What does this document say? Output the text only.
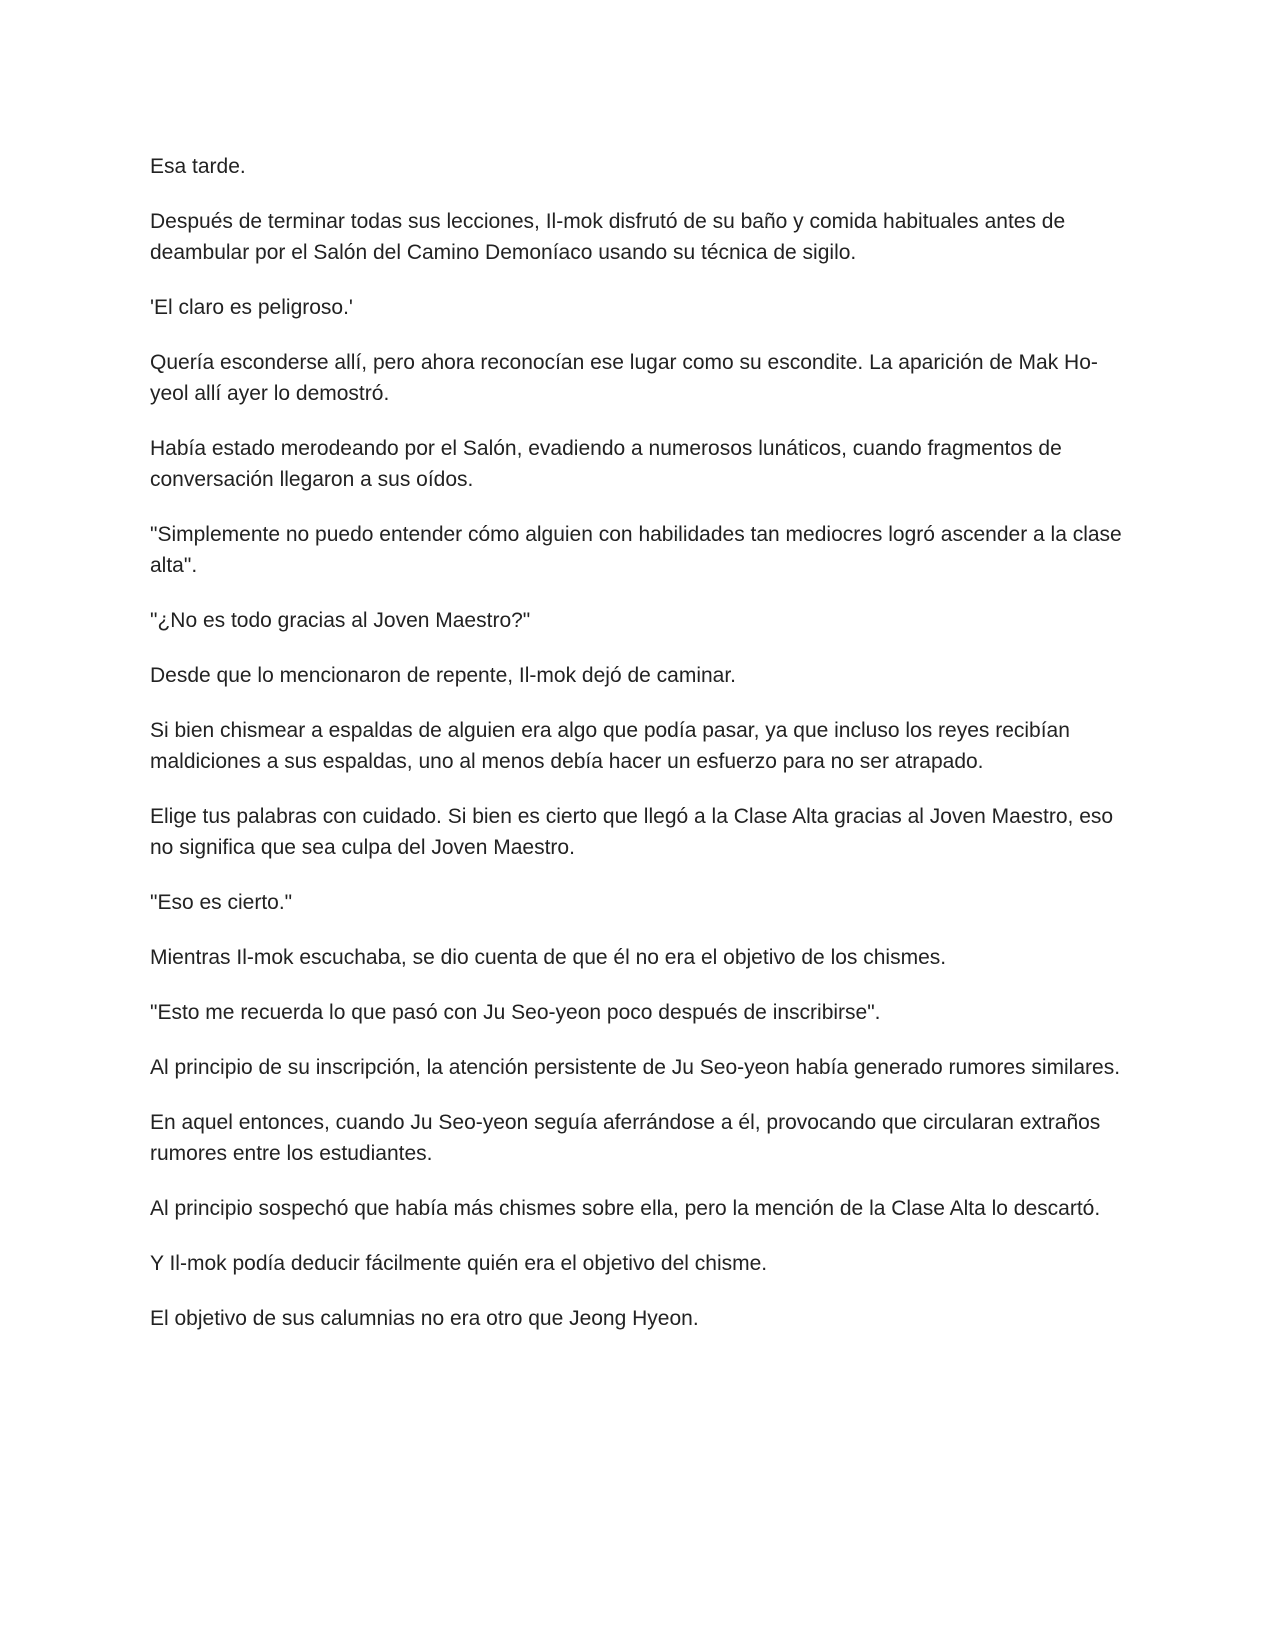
Esa tarde.

Después de terminar todas sus lecciones, Il-mok disfrutó de su baño y comida habituales antes de deambular por el Salón del Camino Demoníaco usando su técnica de sigilo.

'El claro es peligroso.'

Quería esconderse allí, pero ahora reconocían ese lugar como su escondite. La aparición de Mak Ho-yeol allí ayer lo demostró.

Había estado merodeando por el Salón, evadiendo a numerosos lunáticos, cuando fragmentos de conversación llegaron a sus oídos.

"Simplemente no puedo entender cómo alguien con habilidades tan mediocres logró ascender a la clase alta".

"¿No es todo gracias al Joven Maestro?"

Desde que lo mencionaron de repente, Il-mok dejó de caminar.

Si bien chismear a espaldas de alguien era algo que podía pasar, ya que incluso los reyes recibían maldiciones a sus espaldas, uno al menos debía hacer un esfuerzo para no ser atrapado.

Elige tus palabras con cuidado. Si bien es cierto que llegó a la Clase Alta gracias al Joven Maestro, eso no significa que sea culpa del Joven Maestro.

"Eso es cierto."

Mientras Il-mok escuchaba, se dio cuenta de que él no era el objetivo de los chismes.

"Esto me recuerda lo que pasó con Ju Seo-yeon poco después de inscribirse".

Al principio de su inscripción, la atención persistente de Ju Seo-yeon había generado rumores similares.

En aquel entonces, cuando Ju Seo-yeon seguía aferrándose a él, provocando que circularan extraños rumores entre los estudiantes.

Al principio sospechó que había más chismes sobre ella, pero la mención de la Clase Alta lo descartó.

Y Il-mok podía deducir fácilmente quién era el objetivo del chisme.

El objetivo de sus calumnias no era otro que Jeong Hyeon.
